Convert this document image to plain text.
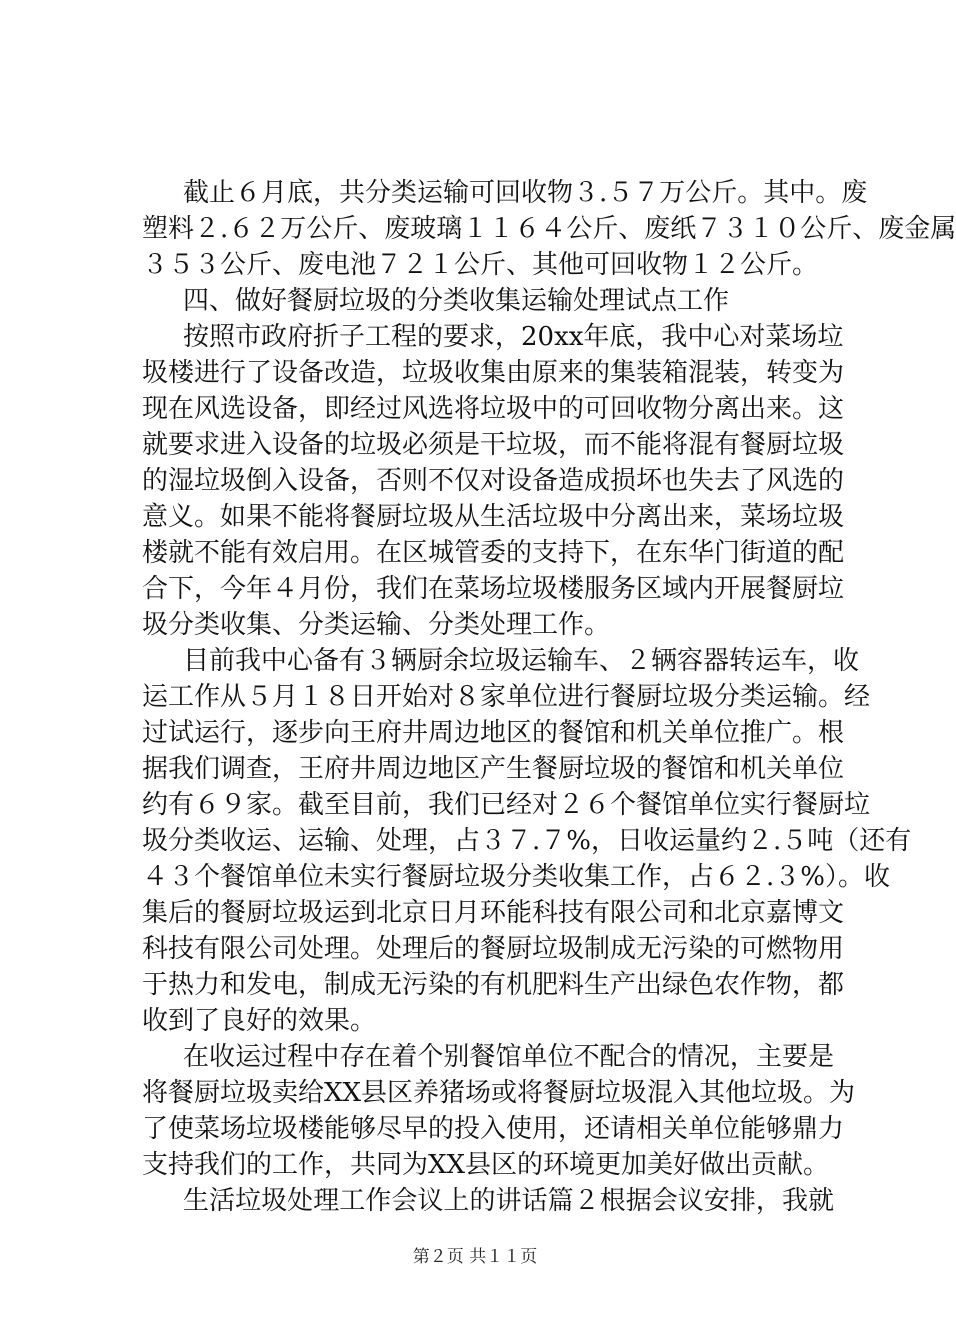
截止６月底，共分类运输可回收物３.５７万公斤。其中。废
塑料２.６２万公斤、废玻璃１１６４公斤、废纸７３１０公斤、废金属
３５３公斤、废电池７２１公斤、其他可回收物１２公斤。
四、做好餐厨垃圾的分类收集运输处理试点工作
按照市政府折子工程的要求，20xx年底，我中心对菜场垃
圾楼进行了设备改造，垃圾收集由原来的集装箱混装，转变为
现在风选设备，即经过风选将垃圾中的可回收物分离出来。这
就要求进入设备的垃圾必须是干垃圾，而不能将混有餐厨垃圾
的湿垃圾倒入设备，否则不仅对设备造成损坏也失去了风选的
意义。如果不能将餐厨垃圾从生活垃圾中分离出来，菜场垃圾
楼就不能有效启用。在区城管委的支持下，在东华门街道的配
合下，今年４月份，我们在菜场垃圾楼服务区域内开展餐厨垃
圾分类收集、分类运输、分类处理工作。
目前我中心备有３辆厨余垃圾运输车、２辆容器转运车，收
运工作从５月１８日开始对８家单位进行餐厨垃圾分类运输。经
过试运行，逐步向王府井周边地区的餐馆和机关单位推广。根
据我们调查，王府井周边地区产生餐厨垃圾的餐馆和机关单位
约有６９家。截至目前，我们已经对２６个餐馆单位实行餐厨垃
圾分类收运、运输、处理，占３７.７%，日收运量约２.５吨（还有
４３个餐馆单位未实行餐厨垃圾分类收集工作，占６２.３%）。收
集后的餐厨垃圾运到北京日月环能科技有限公司和北京嘉博文
科技有限公司处理。处理后的餐厨垃圾制成无污染的可燃物用
于热力和发电，制成无污染的有机肥料生产出绿色农作物，都
收到了良好的效果。
在收运过程中存在着个别餐馆单位不配合的情况，主要是
将餐厨垃圾卖给XX县区养猪场或将餐厨垃圾混入其他垃圾。为
了使菜场垃圾楼能够尽早的投入使用，还请相关单位能够鼎力
支持我们的工作，共同为XX县区的环境更加美好做出贡献。
生活垃圾处理工作会议上的讲话篇２根据会议安排，我就
第２页 共１１页
